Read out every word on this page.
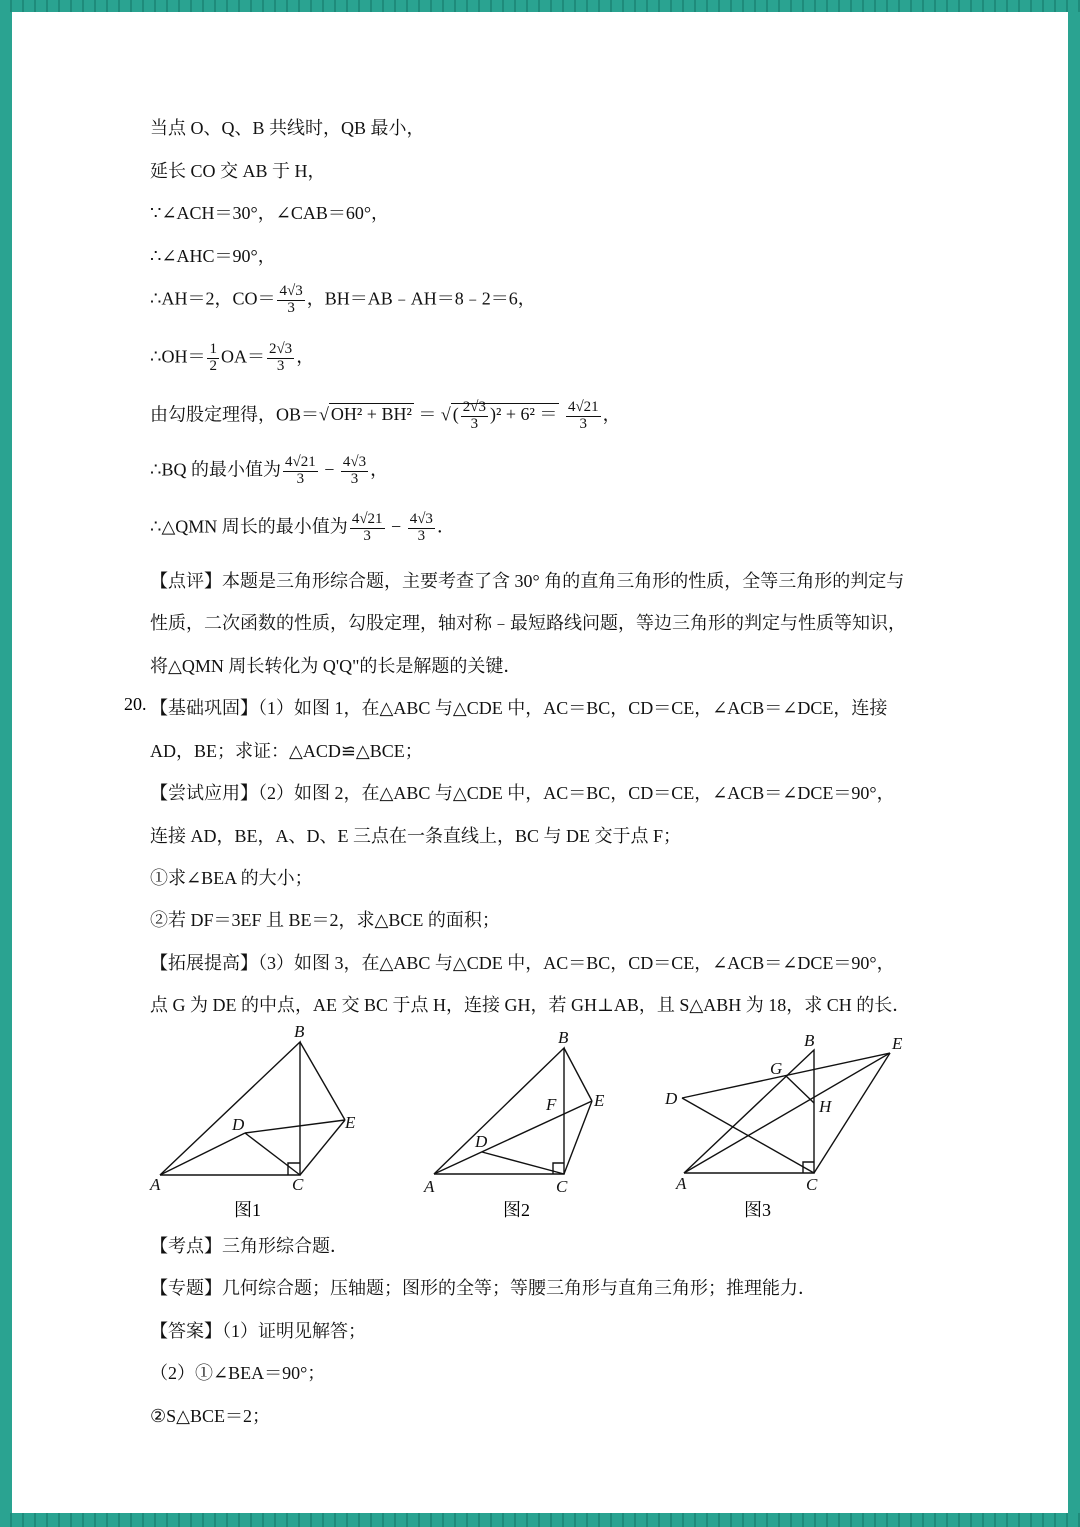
当点 O、Q、B 共线时，QB 最小，
延长 CO 交 AB 于 H，
∵∠ACH＝30°，∠CAB＝60°，
∴∠AHC＝90°，
∴AH＝2，$CO= \frac{4√3}{3}$ ，BH＝AB﹣AH＝8﹣2＝6，
∴OH＝ $\frac{1}{2} OA= \frac{2√3}{3}$ ，
由勾股定理得，OB＝√ OH² + BH² ＝ √ ( $\frac{2√3}{3} )^2 + 6^2 = \frac{4√21}{3}$ ，
∴BQ 的最小值为 $\frac{4√21}{3} - \frac{4√3}{3}$ ，
∴△QMN 周长的最小值为 $\frac{4√21}{3} - \frac{4√3}{3}$ ．
【点评】本题是三角形综合题，主要考查了含 30° 角的直角三角形的性质，全等三角形的判定与
性质，二次函数的性质，勾股定理，轴对称﹣最短路线问题，等边三角形的判定与性质等知识，
将△QMN 周长转化为 Q'Q"的长是解题的关键．
20. 【基础巩固】（1）如图 1，在△ABC 与△CDE 中，AC＝BC，CD＝CE，∠ACB＝∠DCE，连接
AD，BE；求证：△ACD≌△BCE；
【尝试应用】（2）如图 2，在△ABC 与△CDE 中，AC＝BC，CD＝CE，∠ACB＝∠DCE＝90°，
连接 AD，BE，A、D、E 三点在一条直线上，BC 与 DE 交于点 F；
①求∠BEA 的大小；
②若 DF＝3EF 且 BE＝2，求△BCE 的面积；
【拓展提高】（3）如图 3，在△ABC 与△CDE 中，AC＝BC，CD＝CE，∠ACB＝∠DCE＝90°，
点 G 为 DE 的中点，AE 交 BC 于点 H，连接 GH，若 GH⊥AB，且 S△ABH 为 18，求 CH 的长．
A
B
C
D	E
图1
A
B
C
D
E
F
图2
A
B
C
D
E
G
H
图3
【考点】三角形综合题．
【专题】几何综合题；压轴题；图形的全等；等腰三角形与直角三角形；推理能力．
【答案】（1）证明见解答；
（2）①∠BEA＝90°；
②S△BCE＝2；
